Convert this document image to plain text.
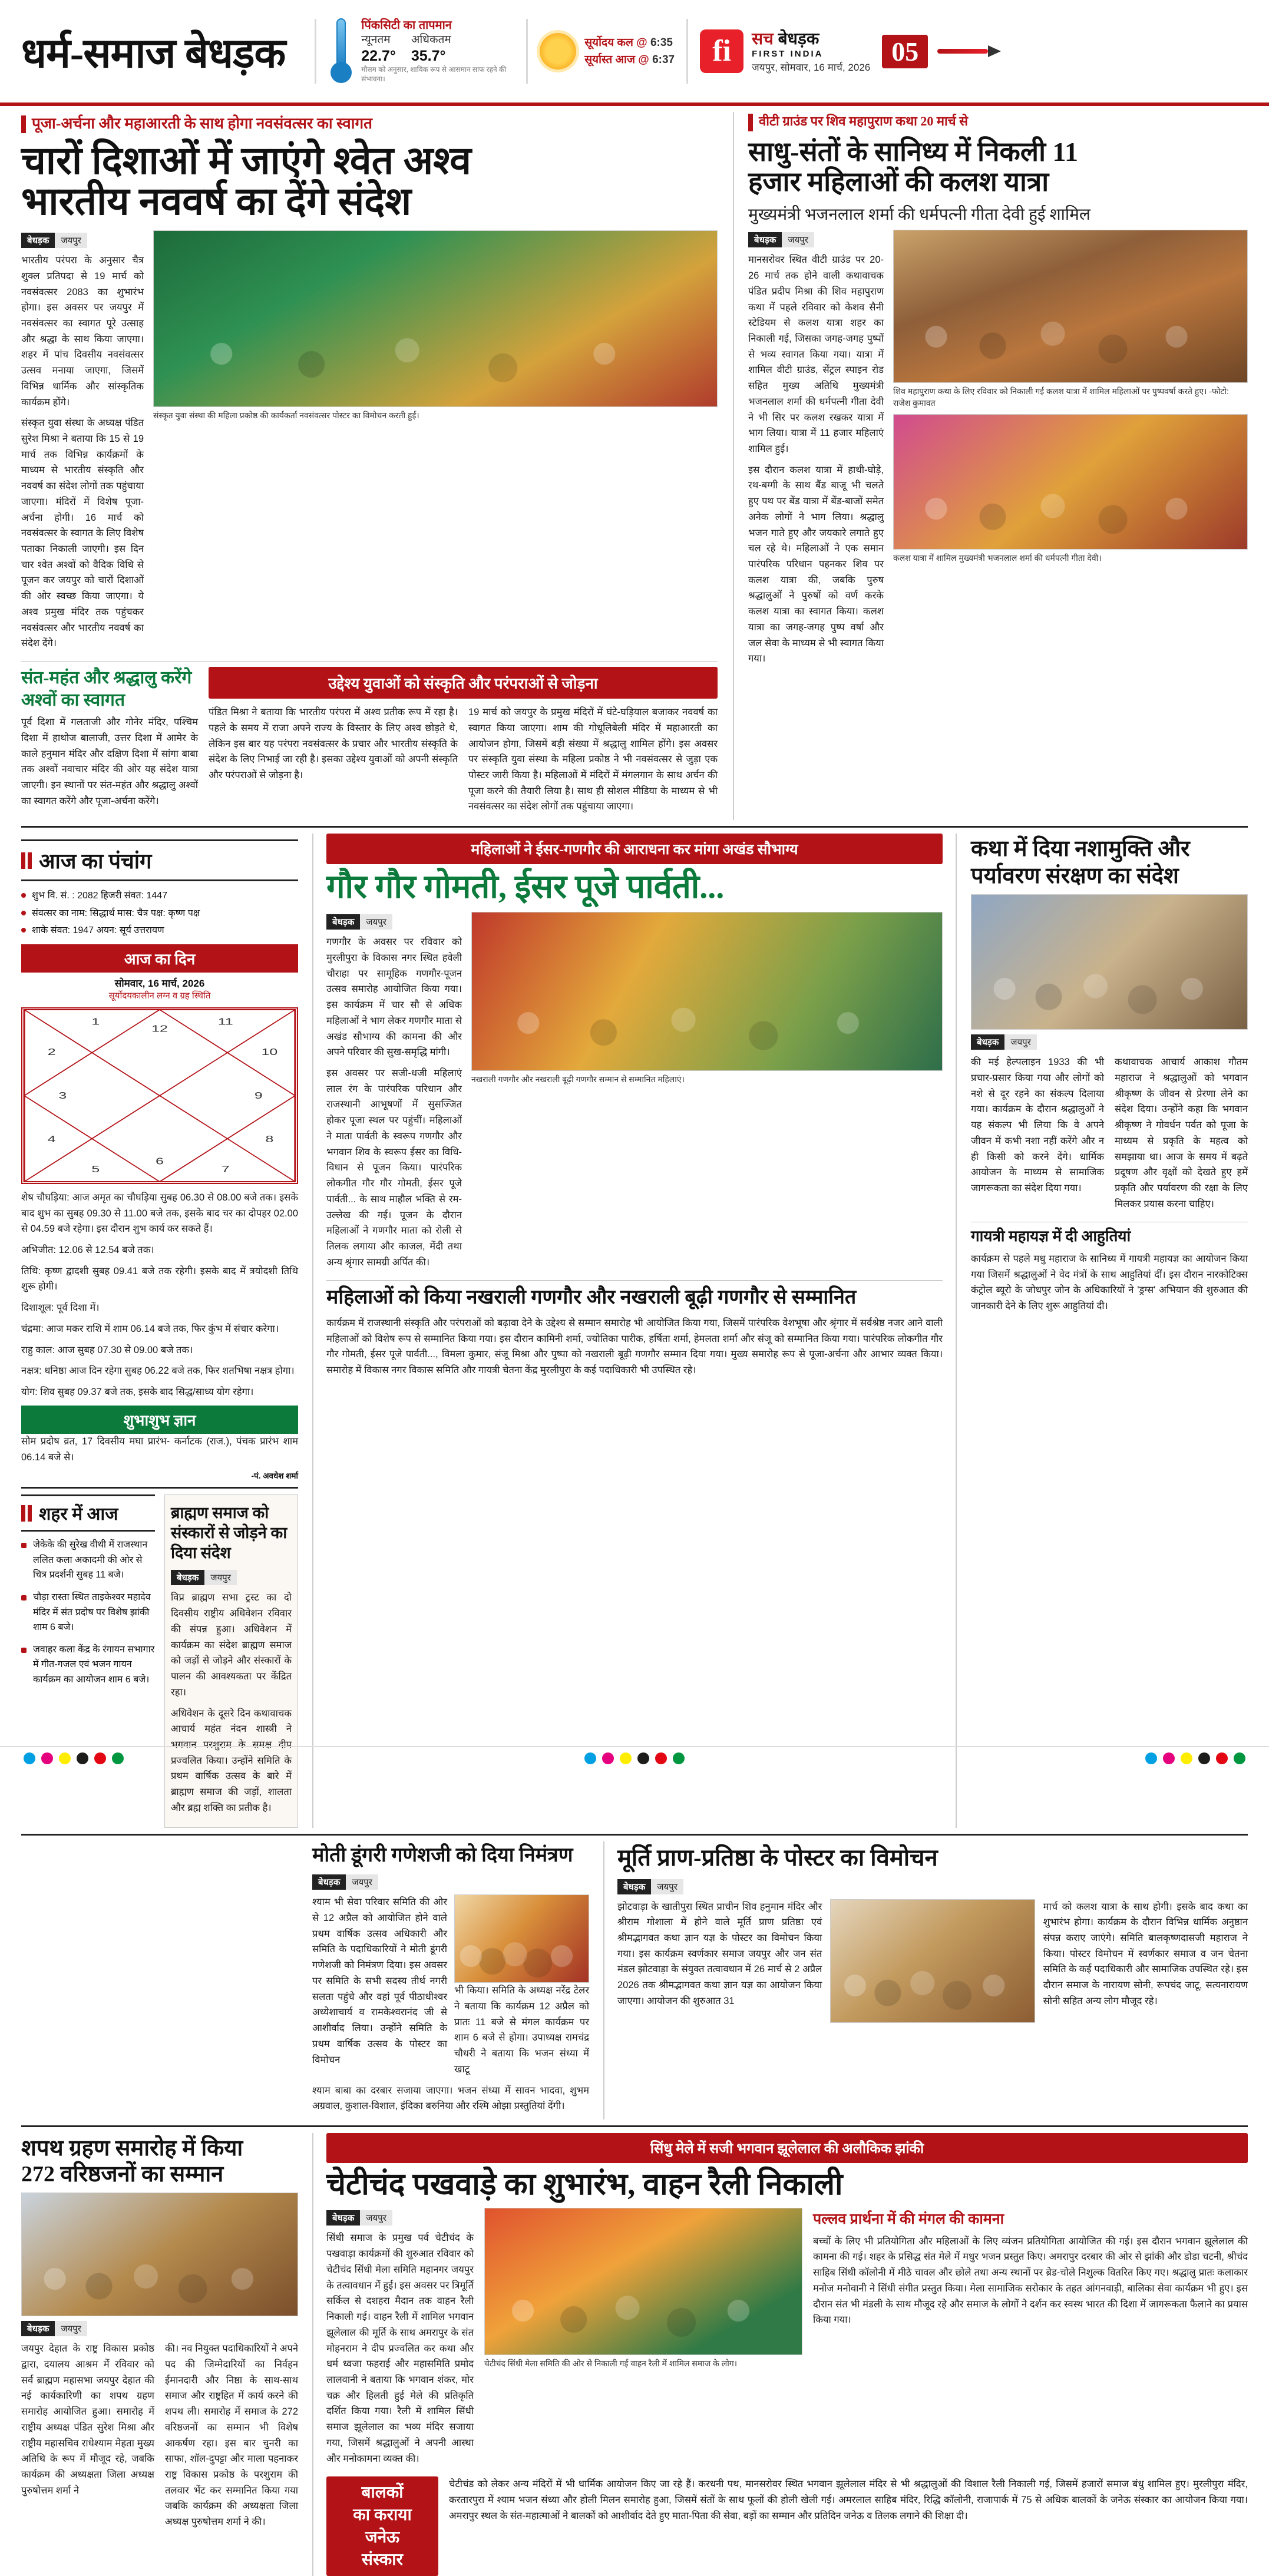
धर्म-समाज बेधड़क
पिंकसिटी का तापमान
न्यूनतम
22.7°
अधिकतम
35.7°
मौसम को अनुसार, शायिक रूप से आसमान साफ रहने की संभावना।
सूर्योदय कल @ 6:35
सूर्यास्त आज @ 6:37	fi	सच बेधड़क
FIRST INDIA
जयपुर, सोमवार, 16 मार्च, 2026
05
पूजा-अर्चना और महाआरती के साथ होगा नवसंवत्सर का स्वागत
चारों दिशाओं में जाएंगे श्वेत अश्व
भारतीय नववर्ष का देंगे संदेश
बेधड़क	जयपुर

भारतीय परंपरा के अनुसार चैत्र शुक्ल प्रतिपदा से 19 मार्च को नवसंवत्सर 2083 का शुभारंभ होगा। इस अवसर पर जयपुर में नवसंवत्सर का स्वागत पूरे उत्साह और श्रद्धा के साथ किया जाएगा। शहर में पांच दिवसीय नवसंवत्सर उत्सव मनाया जाएगा, जिसमें विभिन्न धार्मिक और सांस्कृतिक कार्यक्रम होंगे।

संस्कृत युवा संस्था के अध्यक्ष पंडित सुरेश मिश्रा ने बताया कि 15 से 19 मार्च तक विभिन्न कार्यक्रमों के माध्यम से भारतीय संस्कृति और नववर्ष का संदेश लोगों तक पहुंचाया जाएगा। मंदिरों में विशेष पूजा-अर्चना होगी। 16 मार्च को नवसंवत्सर के स्वागत के लिए विशेष पताका निकाली जाएगी। इस दिन चार श्वेत अश्वों को वैदिक विधि से पूजन कर जयपुर को चारों दिशाओं की ओर स्वच्छ किया जाएगा। ये अश्व प्रमुख मंदिर तक पहुंचकर नवसंवत्सर और भारतीय नववर्ष का संदेश देंगे।

संस्कृत युवा संस्था की महिला प्रकोष्ठ की कार्यकर्ता नवसंवत्सर पोस्टर का विमोचन करती हुई।
संत-महंत और श्रद्धालु करेंगे अश्वों का स्वागत

पूर्व दिशा में गलताजी और गोनेर मंदिर, पश्चिम दिशा में हाथोज बालाजी, उत्तर दिशा में आमेर के काले हनुमान मंदिर और दक्षिण दिशा में सांगा बाबा तक अश्वों नवाचार मंदिर की ओर यह संदेश यात्रा जाएगी। इन स्थानों पर संत-महंत और श्रद्धालु अश्वों का स्वागत करेंगे और पूजा-अर्चना करेंगे।

उद्देश्य युवाओं को संस्कृति और परंपराओं से जोड़ना

पंडित मिश्रा ने बताया कि भारतीय परंपरा में अश्व प्रतीक रूप में रहा है। पहले के समय में राजा अपने राज्य के विस्तार के लिए अश्व छोड़ते थे, लेकिन इस बार यह परंपरा नवसंवत्सर के प्रचार और भारतीय संस्कृति के संदेश के लिए निभाई जा रही है। इसका उद्देश्य युवाओं को अपनी संस्कृति और परंपराओं से जोड़ना है।

19 मार्च को जयपुर के प्रमुख मंदिरों में घंटे-घड़ियाल बजाकर नववर्ष का स्वागत किया जाएगा। शाम की गोधूलिबेली मंदिर में महाआरती का आयोजन होगा, जिसमें बड़ी संख्या में श्रद्धालु शामिल होंगे। इस अवसर पर संस्कृति युवा संस्था के महिला प्रकोष्ठ ने भी नवसंवत्सर से जुड़ा एक पोस्टर जारी किया है। महिलाओं में मंदिरों में मंगलगान के साथ अर्चन की पूजा करने की तैयारी लिया है। साथ ही सोशल मीडिया के माध्यम से भी नवसंवत्सर का संदेश लोगों तक पहुंचाया जाएगा।

वीटी ग्राउंड पर शिव महापुराण कथा 20 मार्च से
साधु-संतों के सानिध्य में निकली 11
हजार महिलाओं की कलश यात्रा
मुख्यमंत्री भजनलाल शर्मा की धर्मपत्नी गीता देवी हुई शामिल
बेधड़क	जयपुर

मानसरोवर स्थित वीटी ग्राउंड पर 20-26 मार्च तक होने वाली कथावाचक पंडित प्रदीप मिश्रा की शिव महापुराण कथा में पहले रविवार को केशव सैनी स्टेडियम से कलश यात्रा शहर का निकाली गई, जिसका जगह-जगह पुष्पों से भव्य स्वागत किया गया। यात्रा में शामिल वीटी ग्राउंड, सेंट्रल स्पाइन रोड सहित मुख्य अतिथि मुख्यमंत्री भजनलाल शर्मा की धर्मपत्नी गीता देवी ने भी सिर पर कलश रखकर यात्रा में भाग लिया। यात्रा में 11 हजार महिलाएं शामिल हुई।

इस दौरान कलश यात्रा में हाथी-घोड़े, रथ-बग्गी के साथ बैंड बाजू भी चलते हुए पथ पर बेंड यात्रा में बेंड-बाजों समेत अनेक लोगों ने भाग लिया। श्रद्धालु भजन गाते हुए और जयकारे लगाते हुए चल रहे थे। महिलाओं ने एक समान पारंपरिक परिधान पहनकर शिव पर कलश यात्रा की, जबकि पुरुष श्रद्धालुओं ने पुरुषों को वर्ण करके कलश यात्रा का स्वागत किया। कलश यात्रा का जगह-जगह पुष्प वर्षा और जल सेवा के माध्यम से भी स्वागत किया गया।

शिव महापुराण कथा के लिए रविवार को निकाली गई कलश यात्रा में शामिल महिलाओं पर पुष्पवर्षा करते हुए। -फोटो: राजेश कुमावत
कलश यात्रा में शामिल मुख्यमंत्री भजनलाल शर्मा की धर्मपत्नी गीता देवी।
आज का पंचांग
शुभ वि. सं. : 2082 हिजरी संवत: 1447
संवत्सर का नाम: सिद्धार्थ मास: चैत्र पक्ष: कृष्ण पक्ष
शाके संवत: 1947 अयन: सूर्य उत्तरायण
आज का दिन
सोमवार, 16 मार्च, 2026
सूर्योदयकालीन लग्न व ग्रह स्थिति
12
1
2
3
4
5
6
7
8
9
10
11

शेष चौघड़िया: आज अमृत का चौघड़िया सुबह 06.30 से 08.00 बजे तक। इसके बाद शुभ का सुबह 09.30 से 11.00 बजे तक, इसके बाद चर का दोपहर 02.00 से 04.59 बजे रहेगा। इस दौरान शुभ कार्य कर सकते हैं।

अभिजीत: 12.06 से 12.54 बजे तक।

तिथि: कृष्ण द्वादशी सुबह 09.41 बजे तक रहेगी। इसके बाद में त्रयोदशी तिथि शुरू होगी।

दिशाशूल: पूर्व दिशा में।

चंद्रमा: आज मकर राशि में शाम 06.14 बजे तक, फिर कुंभ में संचार करेगा।

राहु काल: आज सुबह 07.30 से 09.00 बजे तक।

नक्षत्र: धनिष्ठा आज दिन रहेगा सुबह 06.22 बजे तक, फिर शतभिषा नक्षत्र होगा।

योग: शिव सुबह 09.37 बजे तक, इसके बाद सिद्ध/साध्य योग रहेगा।

शुभाशुभ ज्ञान

सोम प्रदोष व्रत, 17 दिवसीय मघा प्रारंभ- कर्नाटक (राज.), पंचक प्रारंभ शाम 06.14 बजे से।

-पं. अवधेश शर्मा
शहर में आज
जेकेके की सुरेख वीथी में राजस्थान ललित कला अकादमी की ओर से चित्र प्रदर्शनी सुबह 11 बजे।
चौड़ा रास्ता स्थित ताइकेश्वर महादेव मंदिर में संत प्रदोष पर विशेष झांकी शाम 6 बजे।
जवाहर कला केंद्र के रंगायन सभागार में गीत-गजल एवं भजन गायन कार्यक्रम का आयोजन शाम 6 बजे।
ब्राह्मण समाज को संस्कारों से जोड़ने का दिया संदेश
बेधड़क	जयपुर

विप्र ब्राह्मण सभा ट्रस्ट का दो दिवसीय राष्ट्रीय अधिवेशन रविवार की संपन्न हुआ। अधिवेशन में कार्यक्रम का संदेश ब्राह्मण समाज को जड़ों से जोड़ने और संस्कारों के पालन की आवश्यकता पर केंद्रित रहा।

अधिवेशन के दूसरे दिन कथावाचक आचार्य महंत नंदन शास्त्री ने भगवान परशुराम के समक्ष दीप प्रज्वलित किया। उन्होंने समिति के प्रथम वार्षिक उत्सव के बारे में ब्राह्मण समाज की जड़ों, शालता और ब्रह्म शक्ति का प्रतीक है।

महिलाओं ने ईसर-गणगौर की आराधना कर मांगा अखंड सौभाग्य
गौर गौर गोमती, ईसर पूजे पार्वती...
बेधड़क	जयपुर

गणगौर के अवसर पर रविवार को मुरलीपुरा के विकास नगर स्थित हवेली चौराहा पर सामूहिक गणगौर-पूजन उत्सव समारोह आयोजित किया गया। इस कार्यक्रम में चार सौ से अधिक महिलाओं ने भाग लेकर गणगौर माता से अखंड सौभाग्य की कामना की और अपने परिवार की सुख-समृद्धि मांगी।

इस अवसर पर सजी-धजी महिलाएं लाल रंग के पारंपरिक परिधान और राजस्थानी आभूषणों में सुसज्जित होकर पूजा स्थल पर पहुंचीं। महिलाओं ने माता पार्वती के स्वरूप गणगौर और भगवान शिव के स्वरूप ईसर का विधि-विधान से पूजन किया। पारंपरिक लोकगीत गौर गौर गोमती, ईसर पूजे पार्वती... के साथ माहौल भक्ति से रम-उल्लेख की गई। पूजन के दौरान महिलाओं ने गणगौर माता को रोली से तिलक लगाया और काजल, मेंदी तथा अन्य श्रृंगार सामग्री अर्पित की।

नखराली गणगौर और नखराली बूढ़ी गणगौर सम्मान से सम्मानित महिलाएं।
महिलाओं को किया नखराली गणगौर और नखराली बूढ़ी गणगौर से सम्मानित

कार्यक्रम में राजस्थानी संस्कृति और परंपराओं को बढ़ावा देने के उद्देश्य से सम्मान समारोह भी आयोजित किया गया, जिसमें पारंपरिक वेशभूषा और श्रृंगार में सर्वश्रेष्ठ नजर आने वाली महिलाओं को विशेष रूप से सम्मानित किया गया। इस दौरान कामिनी शर्मा, ज्योतिका पारीक, हर्षिता शर्मा, हेमलता शर्मा और संजू को सम्मानित किया गया। पारंपरिक लोकगीत गौर गौर गोमती, ईसर पूजे पार्वती..., विमला कुमार, संजू मिश्रा और पुष्पा को नखराली बूढ़ी गणगौर सम्मान दिया गया। मुख्य समारोह रूप से पूजा-अर्चना और आभार व्यक्त किया। समारोह में विकास नगर विकास समिति और गायत्री चेतना केंद्र मुरलीपुरा के कई पदाधिकारी भी उपस्थित रहे।

कथा में दिया नशामुक्ति और पर्यावरण संरक्षण का संदेश
बेधड़क	जयपुर

की मई हेल्पलाइन 1933 की भी प्रचार-प्रसार किया गया और लोगों को नशे से दूर रहने का संकल्प दिलाया गया। कार्यक्रम के दौरान श्रद्धालुओं ने यह संकल्प भी लिया कि वे अपने जीवन में कभी नशा नहीं करेंगे और न ही किसी को करने देंगे। धार्मिक आयोजन के माध्यम से सामाजिक जागरूकता का संदेश दिया गया।

कथावाचक आचार्य आकाश गौतम महाराज ने श्रद्धालुओं को भगवान श्रीकृष्ण के जीवन से प्रेरणा लेने का संदेश दिया। उन्होंने कहा कि भगवान श्रीकृष्ण ने गोवर्धन पर्वत को पूजा के माध्यम से प्रकृति के महत्व को समझाया था। आज के समय में बढ़ते प्रदूषण और वृक्षों को देखते हुए हमें प्रकृति और पर्यावरण की रक्षा के लिए मिलकर प्रयास करना चाहिए।

गायत्री महायज्ञ में दी आहुतियां

कार्यक्रम से पहले मधु महाराज के सानिध्य में गायत्री महायज्ञ का आयोजन किया गया जिसमें श्रद्धालुओं ने वेद मंत्रों के साथ आहुतियां दीं। इस दौरान नारकोटिक्स कंट्रोल ब्यूरो के जोधपुर जोन के अधिकारियों ने 'ड्रग्स' अभियान की शुरुआत की जानकारी देने के लिए शुरू आहुतियां दी।

मोती डूंगरी गणेशजी को दिया निमंत्रण
बेधड़क	जयपुर

श्याम भी सेवा परिवार समिति की ओर से 12 अप्रैल को आयोजित होने वाले प्रथम वार्षिक उत्सव अधिकारी और समिति के पदाधिकारियों ने मोती डूंगरी गणेशजी को निमंत्रण दिया। इस अवसर पर समिति के सभी सदस्य तीर्थ नगरी सलता पहुंचे और वहां पूर्व पीठाधीश्वर अध्येशाचार्य व रामकेश्वरानंद जी से आशीर्वाद लिया। उन्होंने समिति के प्रथम वार्षिक उत्सव के पोस्टर का विमोचन

भी किया। समिति के अध्यक्ष नरेंद्र टेलर ने बताया कि कार्यक्रम 12 अप्रैल को प्रातः 11 बजे से मंगल कार्यक्रम पर शाम 6 बजे से होगा। उपाध्यक्ष रामचंद्र चौधरी ने बताया कि भजन संध्या में खाटू

श्याम बाबा का दरबार सजाया जाएगा। भजन संध्या में सावन भादवा, शुभम अग्रवाल, कुशाल-विशाल, इंदिका बरुनिया और रश्मि ओझा प्रस्तुतियां देंगी।

मूर्ति प्राण-प्रतिष्ठा के पोस्टर का विमोचन
बेधड़क	जयपुर

झोटवाड़ा के खातीपुरा स्थित प्राचीन शिव हनुमान मंदिर और श्रीराम गोशाला में होने वाले मूर्ति प्राण प्रतिष्ठा एवं श्रीमद्भागवत कथा ज्ञान यज्ञ के पोस्टर का विमोचन किया गया। इस कार्यक्रम स्वर्णकार समाज जयपुर और जन संत मंडल झोटवाड़ा के संयुक्त तत्वावधान में 26 मार्च से 2 अप्रैल 2026 तक श्रीमद्भागवत कथा ज्ञान यज्ञ का आयोजन किया जाएगा। आयोजन की शुरुआत 31

मार्च को कलश यात्रा के साथ होगी। इसके बाद कथा का शुभारंभ होगा। कार्यक्रम के दौरान विभिन्न धार्मिक अनुष्ठान संपन्न कराए जाएंगे। समिति बालकृष्णदासजी महाराज ने किया। पोस्टर विमोचन में स्वर्णकार समाज व जन चेतना समिति के कई पदाधिकारी और सामाजिक उपस्थित रहे। इस दौरान समाज के नारायण सोनी, रूपचंद जाटू, सत्यनारायण सोनी सहित अन्य लोग मौजूद रहे।

शपथ ग्रहण समारोह में किया
272 वरिष्ठजनों का सम्मान
बेधड़क	जयपुर

जयपुर देहात के राष्ट्र विकास प्रकोष्ठ द्वारा, दयालय आश्रम में रविवार को सर्व ब्राह्मण महासभा जयपुर देहात की नई कार्यकारिणी का शपथ ग्रहण समारोह आयोजित हुआ। समारोह में राष्ट्रीय अध्यक्ष पंडित सुरेश मिश्रा और राष्ट्रीय महासचिव राधेश्याम मेहता मुख्य अतिथि के रूप में मौजूद रहे, जबकि कार्यक्रम की अध्यक्षता जिला अध्यक्ष पुरुषोत्तम शर्मा ने

की। नव नियुक्त पदाधिकारियों ने अपने पद की जिम्मेदारियों का निर्वहन ईमानदारी और निष्ठा के साथ-साथ समाज और राष्ट्रहित में कार्य करने की शपथ ली। समारोह में समाज के 272 वरिष्ठजनों का सम्मान भी विशेष आकर्षण रहा। इस बार चुनरी का साफा, शॉल-दुपट्टा और माला पहनाकर राष्ट्र विकास प्रकोष्ठ के परशुराम की तलवार भेंट कर सम्मानित किया गया जबकि कार्यक्रम की अध्यक्षता जिला अध्यक्ष पुरुषोत्तम शर्मा ने की।

सिंधु मेले में सजी भगवान झूलेलाल की अलौकिक झांकी
चेटीचंद पखवाड़े का शुभारंभ, वाहन रैली निकाली
बेधड़क	जयपुर

सिंधी समाज के प्रमुख पर्व चेटीचंद के पखवाड़ा कार्यक्रमों की शुरुआत रविवार को चेटीचंद सिंधी मेला समिति महानगर जयपुर के तत्वावधान में हुई। इस अवसर पर त्रिमूर्ति सर्किल से दशहरा मैदान तक वाहन रैली निकाली गई। वाहन रैली में शामिल भगवान झूलेलाल की मूर्ति के साथ अमरापुर के संत मोहनराम ने दीप प्रज्वलित कर कथा और धर्म ध्वजा फहराई और महासमिति प्रमोद लालवानी ने बताया कि भगवान शंकर, मोर चक्र और हिलती हुई मेले की प्रतिकृति दर्शित किया गया। रैली में शामिल सिंधी समाज झूलेलाल का भव्य मंदिर सजाया गया, जिसमें श्रद्धालुओं ने अपनी आस्था और मनोकामना व्यक्त की।

चेटीचंद सिंधी मेला समिति की ओर से निकाली गई वाहन रैली में शामिल समाज के लोग।
पल्लव प्रार्थना में की मंगल की कामना

बच्चों के लिए भी प्रतियोगिता और महिलाओं के लिए व्यंजन प्रतियोगिता आयोजित की गई। इस दौरान भगवान झूलेलाल की कामना की गई। शहर के प्रसिद्ध संत मेले में मधुर भजन प्रस्तुत किए। अमरापुर दरबार की ओर से झांकी और डोडा चटनी, श्रीचंद साहिब सिंधी कॉलोनी में मीठे चावल और छोले तथा अन्य स्थानों पर ब्रेड-चोले निशुल्क वितरित किए गए। श्रद्धालु प्रातः कलाकार मनोज मनोवानी ने सिंधी संगीत प्रस्तुत किया। मेला सामाजिक सरोकार के तहत आंगनवाड़ी, बालिका सेवा कार्यक्रम भी हुए। इस दौरान संत भी मंडली के साथ मौजूद रहे और समाज के लोगों ने दर्शन कर स्वस्थ भारत की दिशा में जागरूकता फैलाने का प्रयास किया गया।

बालकों
का कराया
जनेऊ
संस्कार

चेटीचंड को लेकर अन्य मंदिरों में भी धार्मिक आयोजन किए जा रहे हैं। करधनी पथ, मानसरोवर स्थित भगवान झूलेलाल मंदिर से भी श्रद्धालुओं की विशाल रैली निकाली गई, जिसमें हजारों समाज बंधु शामिल हुए। मुरलीपुरा मंदिर, करतारपुरा में श्याम भजन संध्या और होली मिलन समारोह हुआ, जिसमें संतों के साथ फूलों की होली खेली गई। अमरलाल साहिब मंदिर, रिद्धि कॉलोनी, राजापार्क में 75 से अधिक बालकों के जनेऊ संस्कार का आयोजन किया गया। अमरापुर स्थल के संत-महात्माओं ने बालकों को आशीर्वाद देते हुए माता-पिता की सेवा, बड़ों का सम्मान और प्रतिदिन जनेऊ व तिलक लगाने की शिक्षा दी।
